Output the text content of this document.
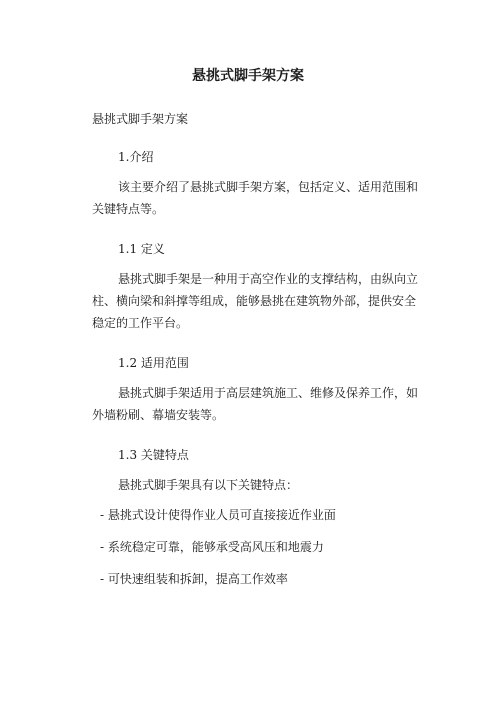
悬挑式脚手架方案
悬挑式脚手架方案
1.介绍
该主要介绍了悬挑式脚手架方案，包括定义、适用范围和关键特点等。
1.1 定义
悬挑式脚手架是一种用于高空作业的支撑结构，由纵向立柱、横向梁和斜撑等组成，能够悬挑在建筑物外部，提供安全稳定的工作平台。
1.2 适用范围
悬挑式脚手架适用于高层建筑施工、维修及保养工作，如外墙粉刷、幕墙安装等。
1.3 关键特点
悬挑式脚手架具有以下关键特点：
- 悬挑式设计使得作业人员可直接接近作业面
- 系统稳定可靠，能够承受高风压和地震力
- 可快速组装和拆卸，提高工作效率
